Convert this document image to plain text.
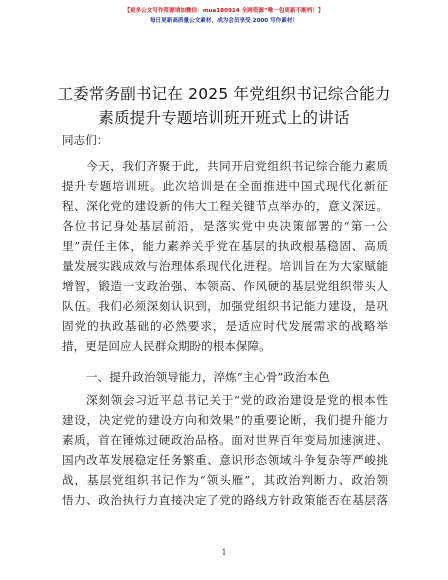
【更多公文写作资源请加微信：mua180914 全网资源“唯一包更新不断档！】
每日更新高质量公文素材，成为会员享受 2000 写作素材！
工委常务副书记在 2025 年党组织书记综合能力
素质提升专题培训班开班式上的讲话
同志们：
今天，我们齐聚于此，共同开启党组织书记综合能力素质
提升专题培训班。此次培训是在全面推进中国式现代化新征
程、深化党的建设新的伟大工程关键节点举办的，意义深远。
各位书记身处基层前沿，是落实党中央决策部署的“第一公
里”责任主体，能力素养关乎党在基层的执政根基稳固、高质
量发展实践成效与治理体系现代化进程。培训旨在为大家赋能
增智，锻造一支政治强、本领高、作风硬的基层党组织带头人
队伍。我们必须深刻认识到，加强党组织书记能力建设，是巩
固党的执政基础的必然要求，是适应时代发展需求的战略举
措，更是回应人民群众期盼的根本保障。
一、提升政治领导能力，淬炼“主心骨”政治本色
深刻领会习近平总书记关于“党的政治建设是党的根本性
建设，决定党的建设方向和效果”的重要论断，我们提升能力
素质，首在锤炼过硬政治品格。面对世界百年变局加速演进、
国内改革发展稳定任务繁重、意识形态领域斗争复杂等严峻挑
战，基层党组织书记作为“领头雁”，其政治判断力、政治领
悟力、政治执行力直接决定了党的路线方针政策能否在基层落
1
